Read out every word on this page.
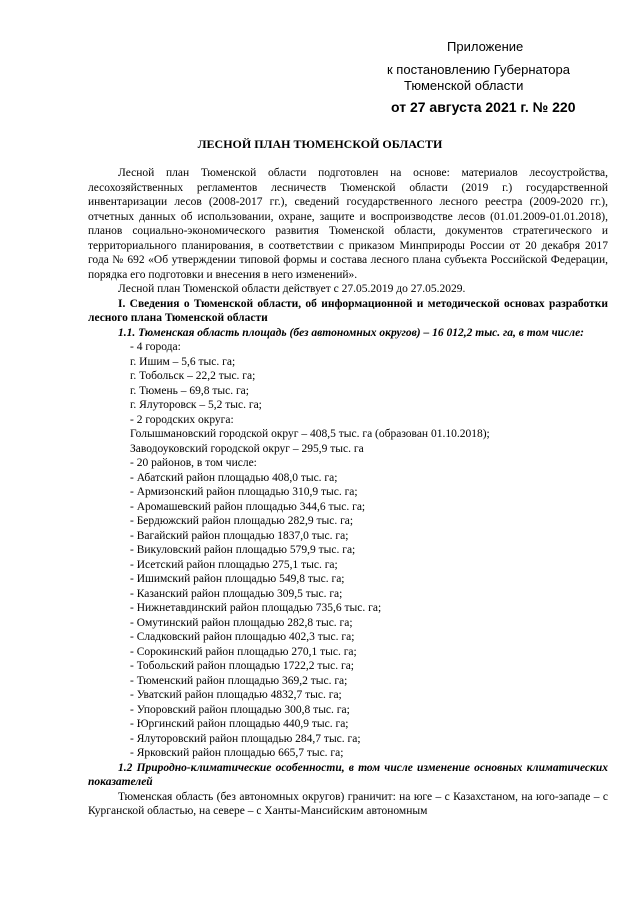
Приложение
к постановлению Губернатора
Тюменской области
от 27 августа 2021 г. № 220
ЛЕСНОЙ ПЛАН ТЮМЕНСКОЙ ОБЛАСТИ

Лесной план Тюменской области подготовлен на основе: материалов лесоустройства, лесохозяйственных регламентов лесничеств Тюменской области (2019 г.) государственной инвентаризации лесов (2008-2017 гг.), сведений государственного лесного реестра (2009-2020 гг.), отчетных данных об использовании, охране, защите и воспроизводстве лесов (01.01.2009-01.01.2018), планов социально-экономического развития Тюменской области, документов стратегического и территориального планирования, в соответствии с приказом Минприроды России от 20 декабря 2017 года № 692 «Об утверждении типовой формы и состава лесного плана субъекта Российской Федерации, порядка его подготовки и внесения в него изменений».

Лесной план Тюменской области действует с 27.05.2019 до 27.05.2029.

I. Сведения о Тюменской области, об информационной и методической основах разработки лесного плана Тюменской области

1.1. Тюменская область площадь (без автономных округов) – 16 012,2 тыс. га, в том числе:

- 4 города:

г. Ишим – 5,6 тыс. га;

г. Тобольск – 22,2 тыс. га;

г. Тюмень – 69,8 тыс. га;

г. Ялуторовск – 5,2 тыс. га;

- 2 городских округа:

Голышмановский городской округ – 408,5 тыс. га (образован 01.10.2018);

Заводоуковский городской округ – 295,9 тыс. га

- 20 районов, в том числе:

- Абатский район площадью 408,0 тыс. га;

- Армизонский район площадью 310,9 тыс. га;

- Аромашевский район площадью 344,6 тыс. га;

- Бердюжский район площадью 282,9 тыс. га;

- Вагайский район площадью 1837,0 тыс. га;

- Викуловский район площадью 579,9 тыс. га;

- Исетский район площадью 275,1 тыс. га;

- Ишимский район площадью 549,8 тыс. га;

- Казанский район площадью 309,5 тыс. га;

- Нижнетавдинский район площадью 735,6 тыс. га;

- Омутинский район площадью 282,8 тыс. га;

- Сладковский район площадью 402,3 тыс. га;

- Сорокинский район площадью 270,1 тыс. га;

- Тобольский район площадью 1722,2 тыс. га;

- Тюменский район площадью 369,2 тыс. га;

- Уватский район площадью 4832,7 тыс. га;

- Упоровский район площадью 300,8 тыс. га;

- Юргинский район площадью 440,9 тыс. га;

- Ялуторовский район площадью 284,7 тыс. га;

- Ярковский район площадью 665,7 тыс. га;

1.2 Природно-климатические особенности, в том числе изменение основных климатических показателей

Тюменская область (без автономных округов) граничит: на юге – с Казахстаном, на юго-западе – с Курганской областью, на севере – с Ханты-Мансийским автономным
